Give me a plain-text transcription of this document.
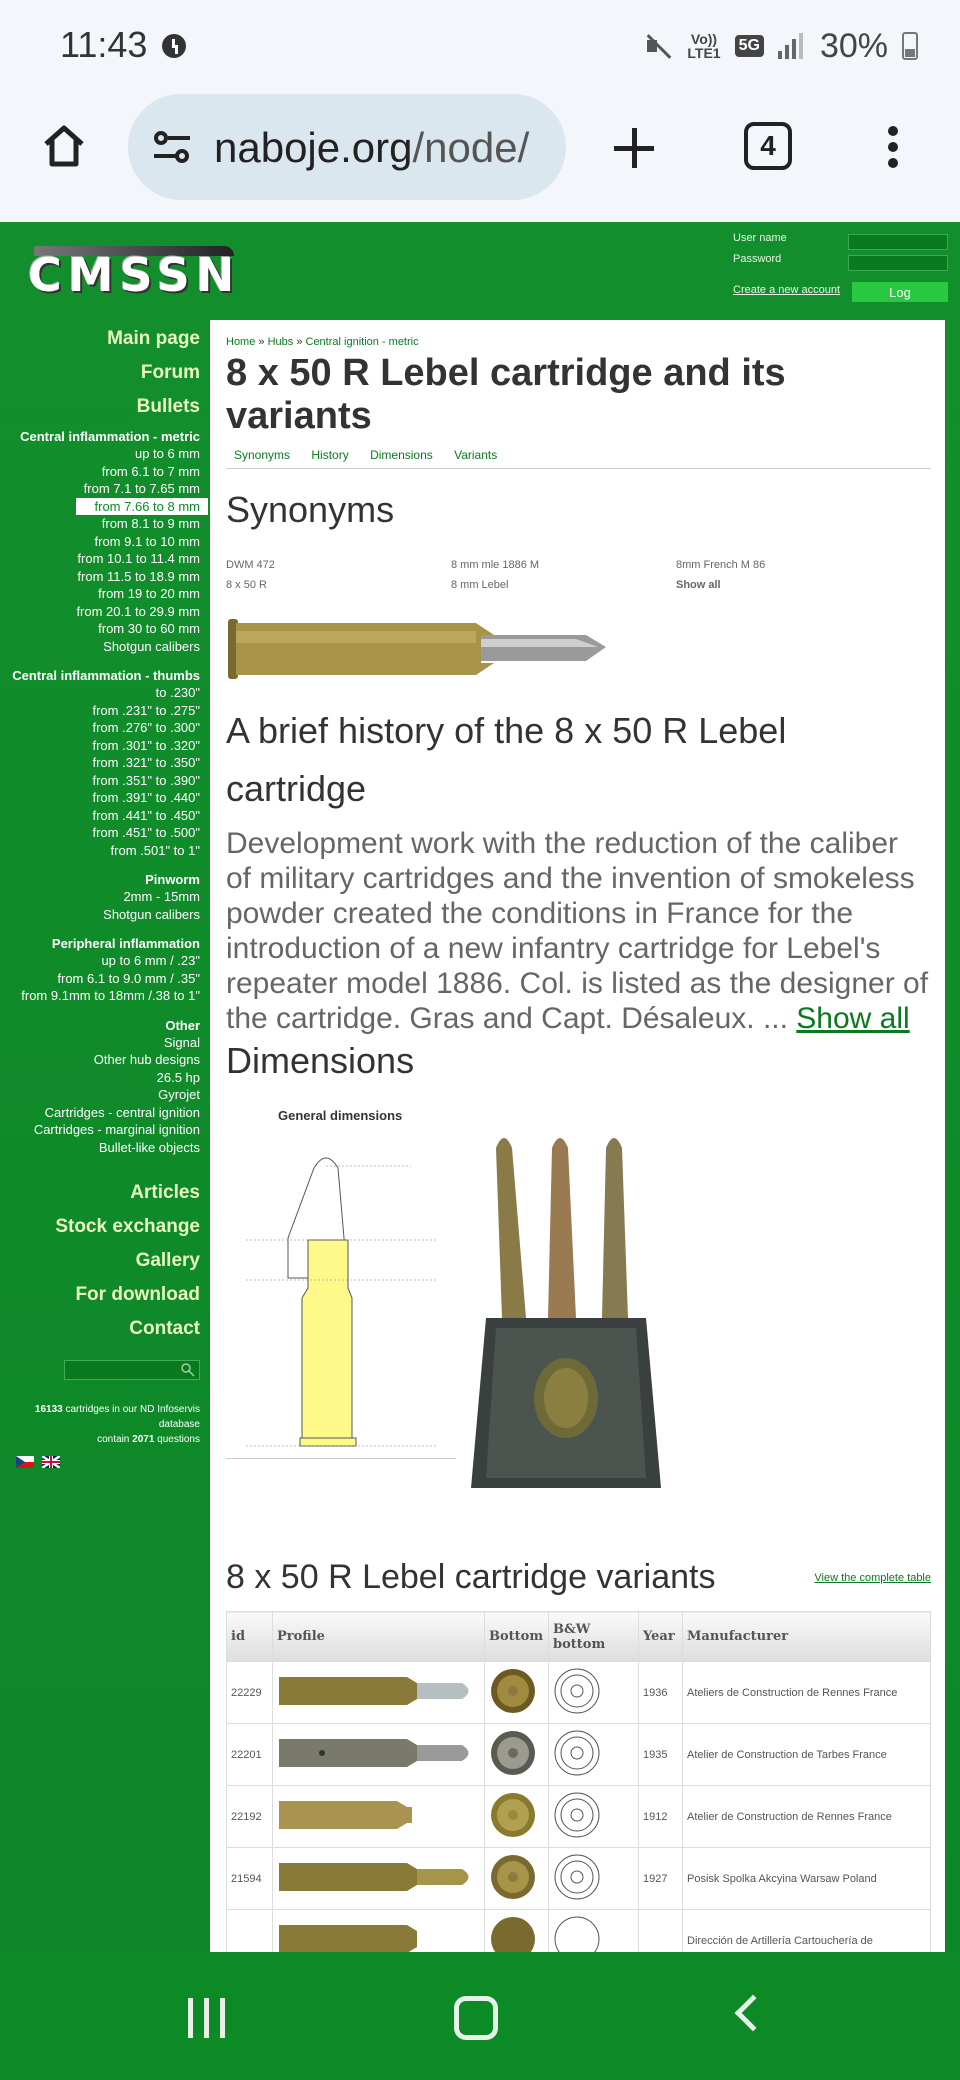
11:43	Vo))
LTE1 5G 30%
naboje.org/node/	4
CMSSN
User name
Password
Create a new account	Log
Main page
Forum
Bullets
Central inflammation - metric
up to 6 mm
from 6.1 to 7 mm
from 7.1 to 7.65 mm
from 7.66 to 8 mm
from 8.1 to 9 mm
from 9.1 to 10 mm
from 10.1 to 11.4 mm
from 11.5 to 18.9 mm
from 19 to 20 mm
from 20.1 to 29.9 mm
from 30 to 60 mm
Shotgun calibers
Central inflammation - thumbs
to .230"
from .231" to .275"
from .276" to .300"
from .301" to .320"
from .321" to .350"
from .351" to .390"
from .391" to .440"
from .441" to .450"
from .451" to .500"
from .501" to 1"
Pinworm
2mm - 15mm
Shotgun calibers
Peripheral inflammation
up to 6 mm / .23"
from 6.1 to 9.0 mm / .35"
from 9.1mm to 18mm /.38 to 1"
Other
Signal
Other hub designs
26.5 hp
Gyrojet
Cartridges - central ignition
Cartridges - marginal ignition
Bullet-like objects
Articles
Stock exchange
Gallery
For download
Contact
16133 cartridges in our ND Infoservis database
contain 2071 questions

Home » Hubs » Central ignition - metric
8 x 50 R Lebel cartridge and its variants
Synonyms History Dimensions Variants
Synonyms
DWM 472	8 mm mle 1886 M	8mm French M 86
8 x 50 R	8 mm Lebel	Show all
A brief history of the 8 x 50 R Lebel cartridge

Development work with the reduction of the caliber of military cartridges and the invention of smokeless powder created the conditions in France for the introduction of a new infantry cartridge for Lebel's repeater model 1886. Col. is listed as the designer of the cartridge. Gras and Capt. Désaleux. ... Show all

Dimensions
General dimensions
8 x 50 R Lebel cartridge variants	View the complete table
id	Profile	Bottom	B&W bottom	Year	Manufacturer
22229				1936	Ateliers de Construction de Rennes France
22201				1935	Atelier de Construction de Tarbes France
22192				1912	Atelier de Construction de Rennes France
21594				1927	Posisk Spolka Akcyina Warsaw Poland
					Dirección de Artillería Cartouchería de
